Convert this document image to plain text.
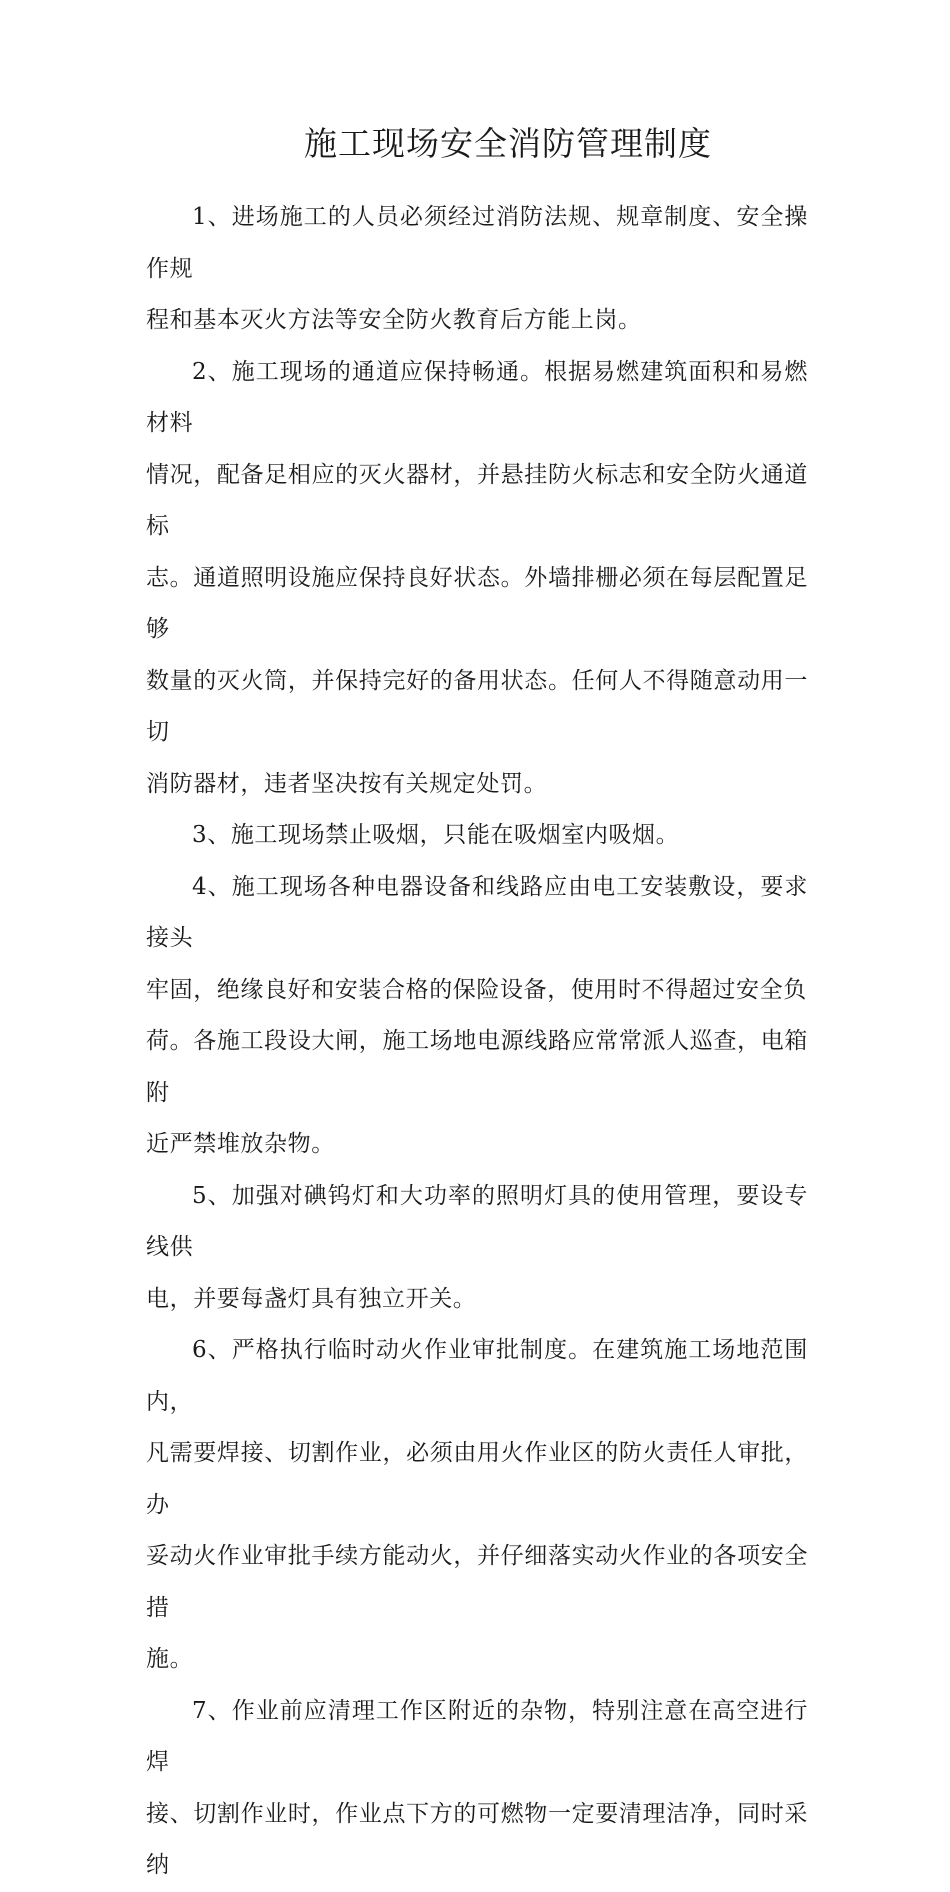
施工现场安全消防管理制度

1、进场施工的人员必须经过消防法规、规章制度、安全操作规
程和基本灭火方法等安全防火教育后方能上岗。

2、施工现场的通道应保持畅通。根据易燃建筑面积和易燃材料
情况，配备足相应的灭火器材，并悬挂防火标志和安全防火通道标
志。通道照明设施应保持良好状态。外墙排栅必须在每层配置足够
数量的灭火筒，并保持完好的备用状态。任何人不得随意动用一切
消防器材，违者坚决按有关规定处罚。

3、施工现场禁止吸烟，只能在吸烟室内吸烟。

4、施工现场各种电器设备和线路应由电工安装敷设，要求接头
牢固，绝缘良好和安装合格的保险设备，使用时不得超过安全负
荷。各施工段设大闸，施工场地电源线路应常常派人巡查，电箱附
近严禁堆放杂物。

5、加强对碘钨灯和大功率的照明灯具的使用管理，要设专线供
电，并要每盏灯具有独立开关。

6、严格执行临时动火作业审批制度。在建筑施工场地范围内，
凡需要焊接、切割作业，必须由用火作业区的防火责任人审批，办
妥动火作业审批手续方能动火，并仔细落实动火作业的各项安全措
施。

7、作业前应清理工作区附近的杂物，特别注意在高空进行焊
接、切割作业时，作业点下方的可燃物一定要清理洁净，同时采纳
